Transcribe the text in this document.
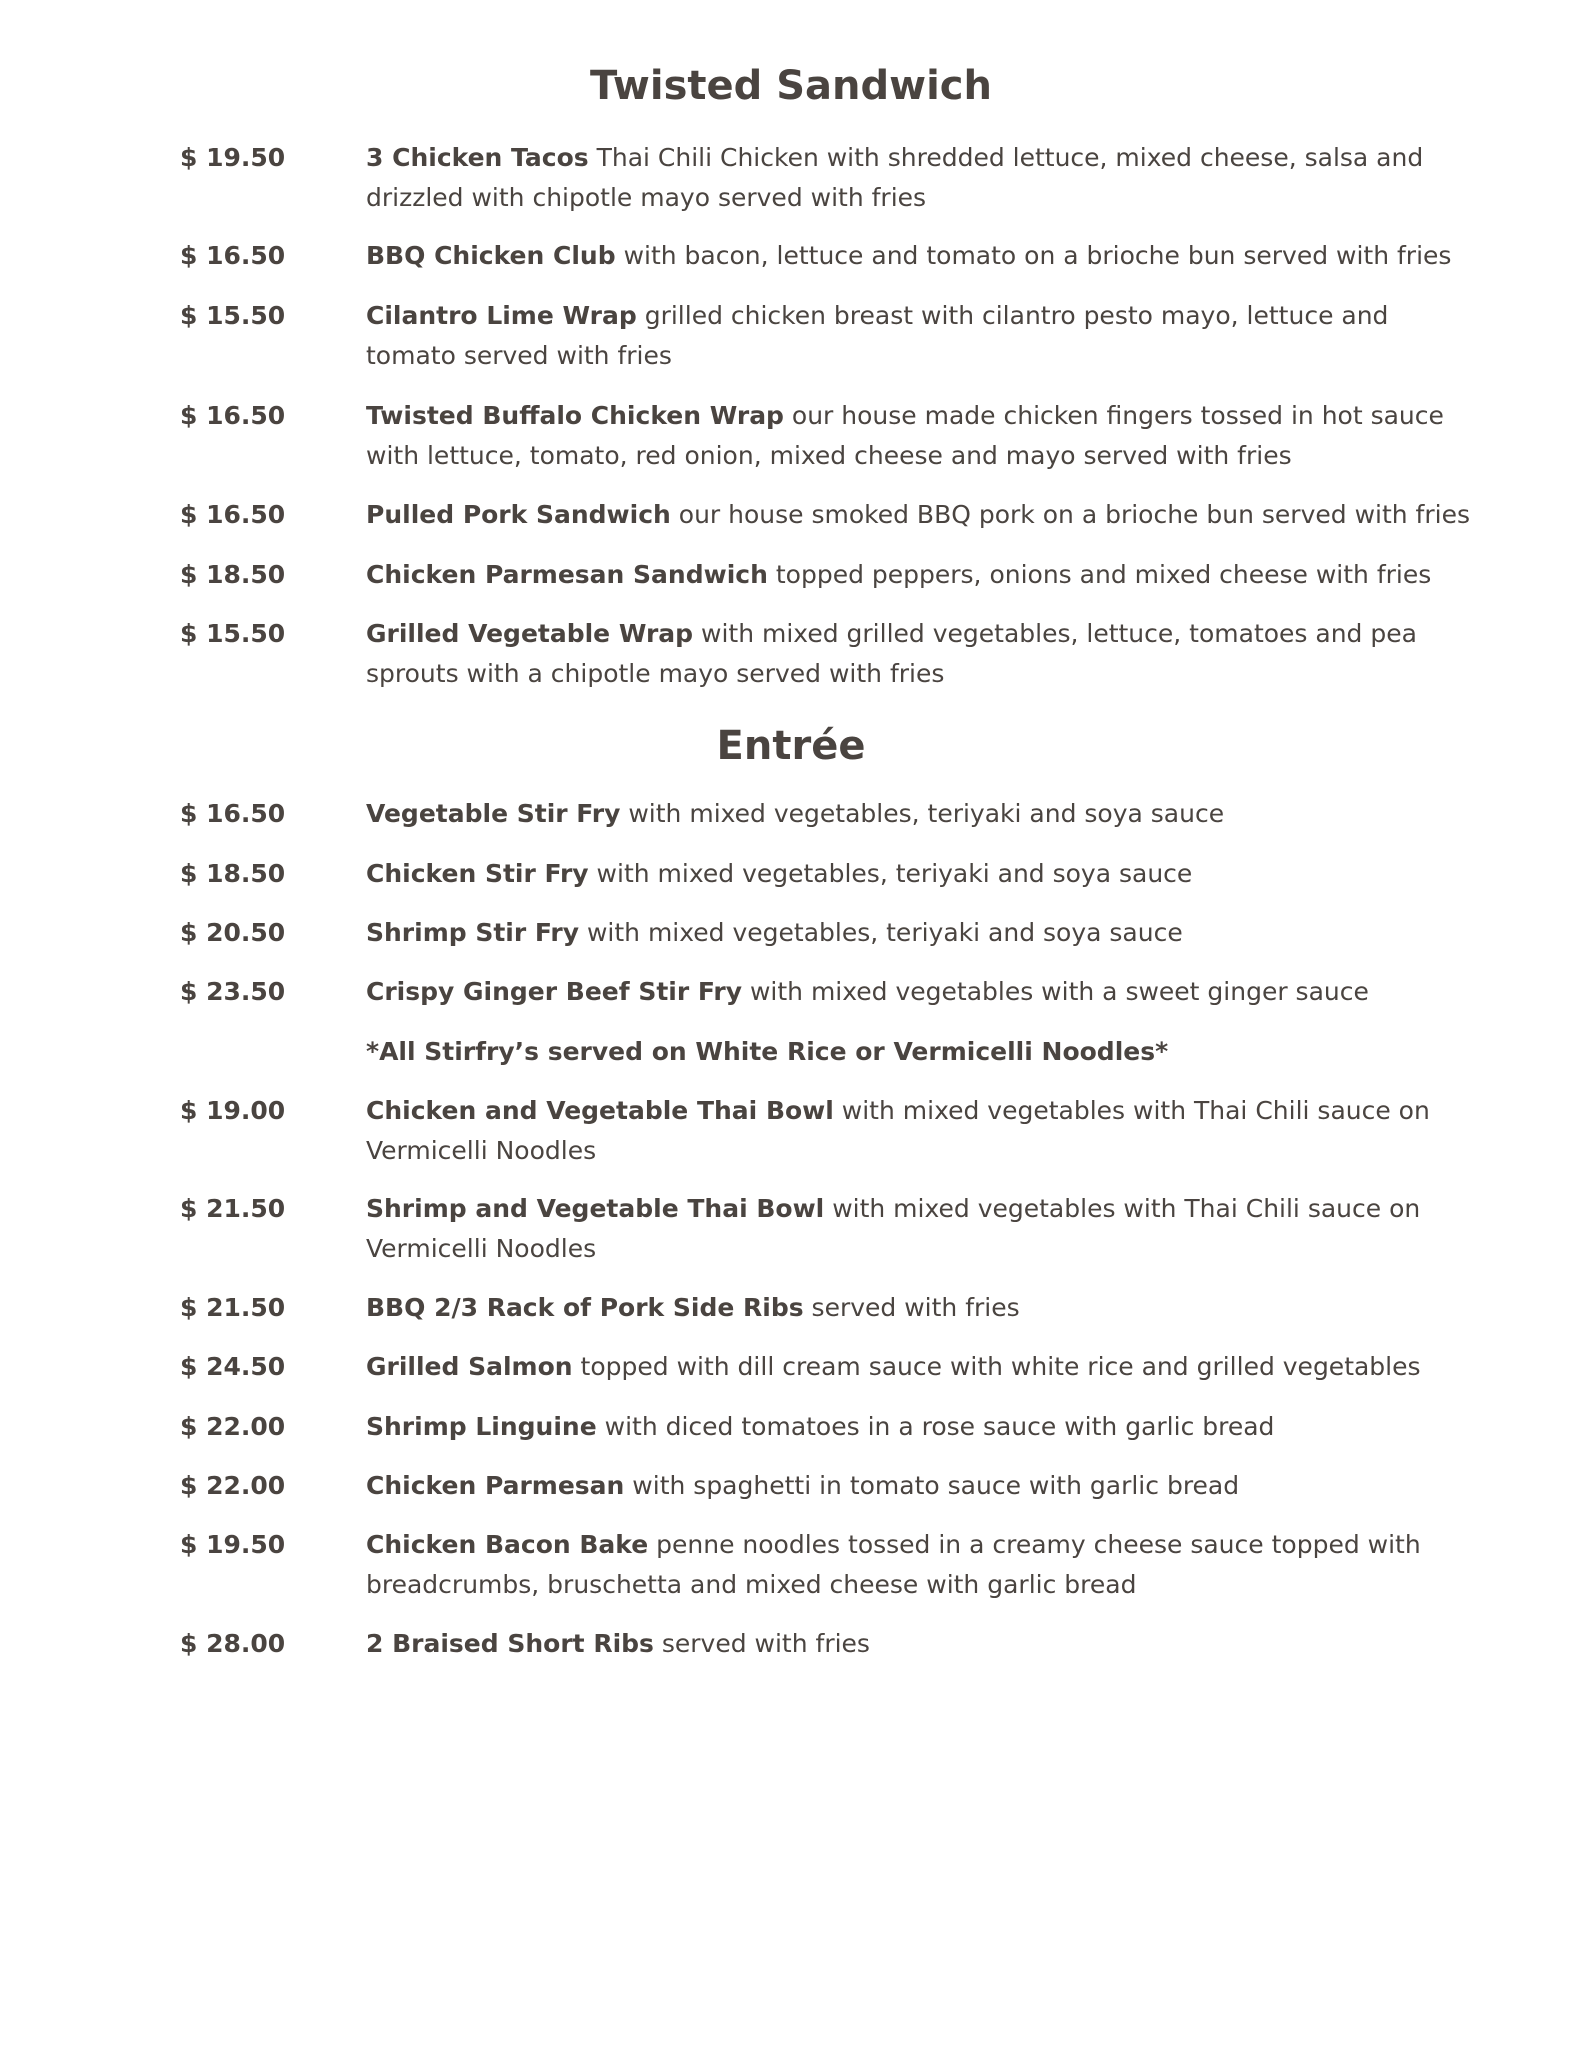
Twisted Sandwich
$ 19.50	3 Chicken Tacos Thai Chili Chicken with shredded lettuce, mixed cheese, salsa and drizzled with chipotle mayo served with fries
$ 16.50	BBQ Chicken Club with bacon, lettuce and tomato on a brioche bun served with fries
$ 15.50	Cilantro Lime Wrap grilled chicken breast with cilantro pesto mayo, lettuce and tomato served with fries
$ 16.50	Twisted Buffalo Chicken Wrap our house made chicken fingers tossed in hot sauce with lettuce, tomato, red onion, mixed cheese and mayo served with fries
$ 16.50	Pulled Pork Sandwich our house smoked BBQ pork on a brioche bun served with fries
$ 18.50	Chicken Parmesan Sandwich topped peppers, onions and mixed cheese with fries
$ 15.50	Grilled Vegetable Wrap with mixed grilled vegetables, lettuce, tomatoes and pea sprouts with a chipotle mayo served with fries
Entrée
$ 16.50	Vegetable Stir Fry with mixed vegetables, teriyaki and soya sauce
$ 18.50	Chicken Stir Fry with mixed vegetables, teriyaki and soya sauce
$ 20.50	Shrimp Stir Fry with mixed vegetables, teriyaki and soya sauce
$ 23.50	Crispy Ginger Beef Stir Fry with mixed vegetables with a sweet ginger sauce
*All Stirfry’s served on White Rice or Vermicelli Noodles*
$ 19.00	Chicken and Vegetable Thai Bowl with mixed vegetables with Thai Chili sauce on Vermicelli Noodles
$ 21.50	Shrimp and Vegetable Thai Bowl with mixed vegetables with Thai Chili sauce on Vermicelli Noodles
$ 21.50	BBQ 2/3 Rack of Pork Side Ribs served with fries
$ 24.50	Grilled Salmon topped with dill cream sauce with white rice and grilled vegetables
$ 22.00	Shrimp Linguine with diced tomatoes in a rose sauce with garlic bread
$ 22.00	Chicken Parmesan with spaghetti in tomato sauce with garlic bread
$ 19.50	Chicken Bacon Bake penne noodles tossed in a creamy cheese sauce topped with breadcrumbs, bruschetta and mixed cheese with garlic bread
$ 28.00	2 Braised Short Ribs served with fries
